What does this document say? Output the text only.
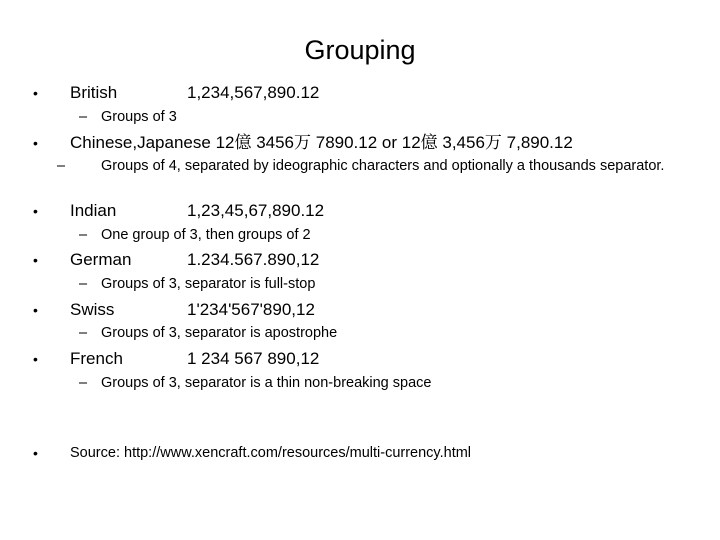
Grouping
• British	1,234,567,890.12
– Groups of 3
• Chinese,Japanese 12億 3456万 7890.12 or 12億 3,456万 7,890.12
– Groups of 4, separated by ideographic characters and optionally a thousands separator.
• Indian	1,23,45,67,890.12
– One group of 3, then groups of 2
• German	1.234.567.890,12
– Groups of 3, separator is full-stop
• Swiss	1'234'567'890,12
– Groups of 3, separator is apostrophe
• French	1 234 567 890,12
– Groups of 3, separator is a thin non-breaking space
• Source: http://www.xencraft.com/resources/multi-currency.html
